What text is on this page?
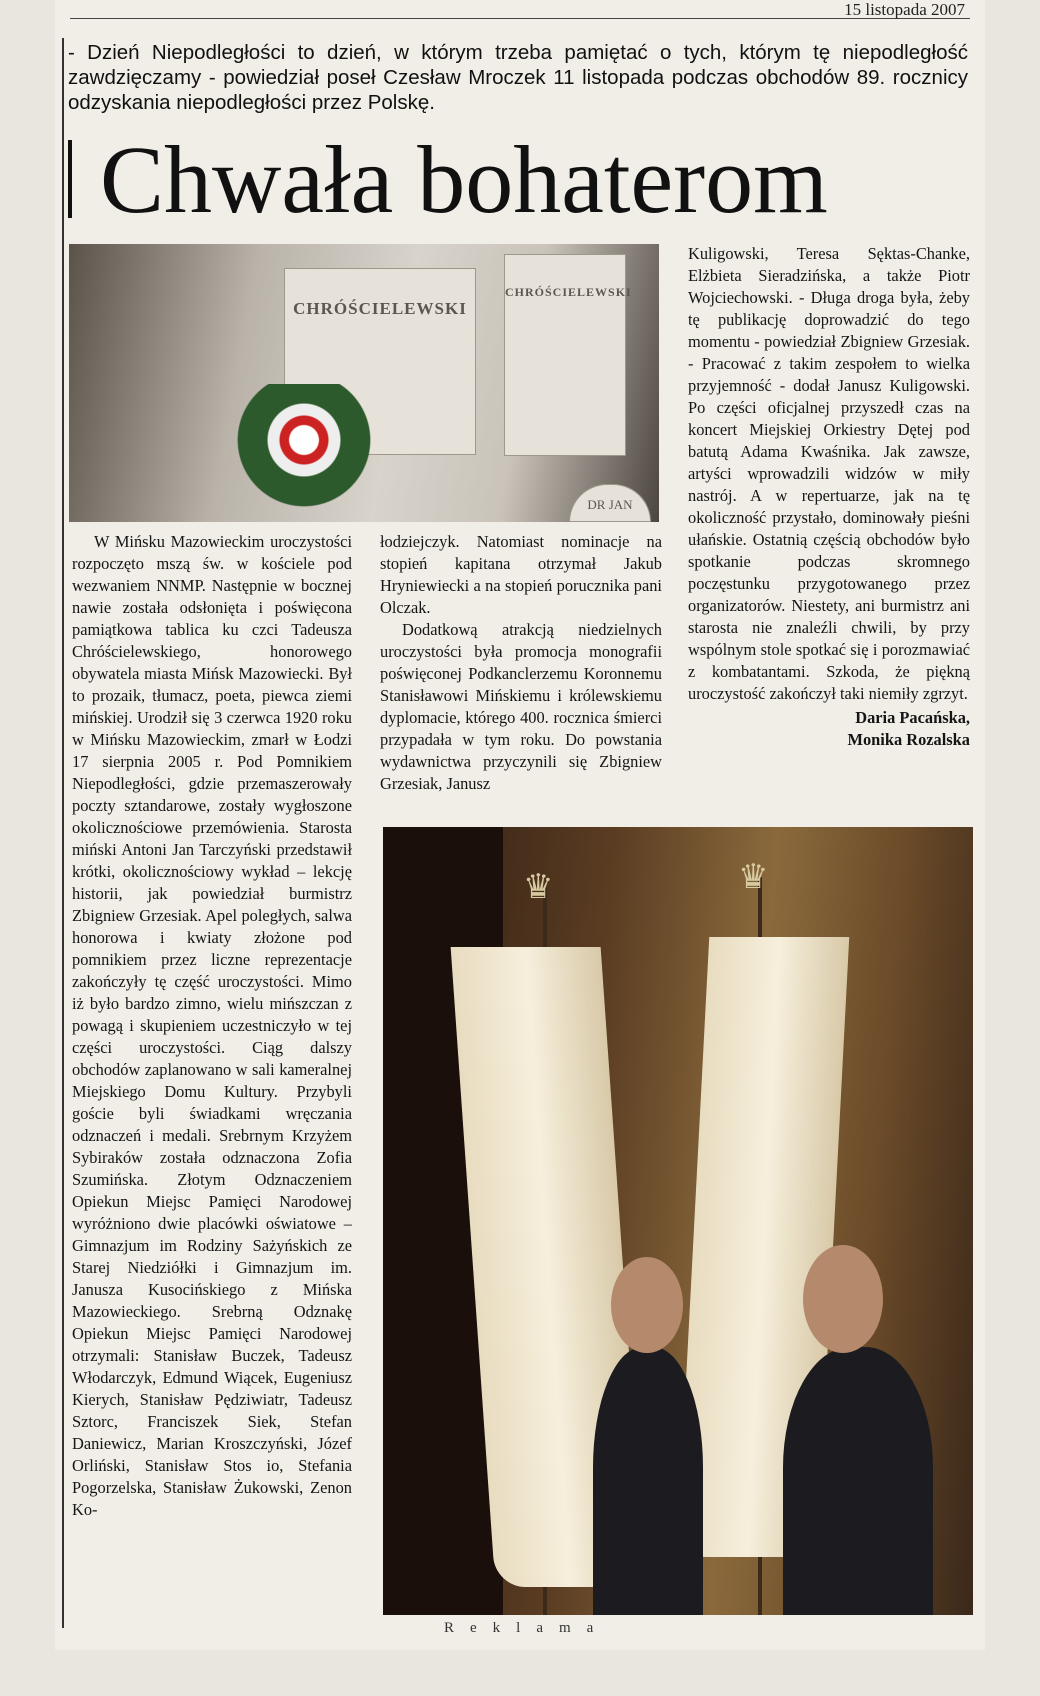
15 listopada 2007
- Dzień Niepodległości to dzień, w którym trzeba pamiętać o tych, którym tę niepodległość zawdzięczamy - powiedział poseł Czesław Mroczek 11 listopada podczas obchodów 89. rocznicy odzyskania niepodległości przez Polskę.
Chwała bohaterom
CHRÓŚCIELEWSKI
CHRÓŚCIELEWSKI
DR JAN

W Mińsku Mazowieckim uroczystości rozpoczęto mszą św. w kościele pod wezwaniem NNMP. Następnie w bocznej nawie została odsłonięta i poświęcona pamiątkowa tablica ku czci Tadeusza Chróścielewskiego, honorowego obywatela miasta Mińsk Mazowiecki. Był to prozaik, tłumacz, poeta, piewca ziemi mińskiej. Urodził się 3 czerwca 1920 roku w Mińsku Mazowieckim, zmarł w Łodzi 17 sierpnia 2005 r. Pod Pomnikiem Niepodległości, gdzie przemaszerowały poczty sztandarowe, zostały wygłoszone okolicznościowe przemówienia. Starosta miński Antoni Jan Tarczyński przedstawił krótki, okolicznościowy wykład – lekcję historii, jak powiedział burmistrz Zbigniew Grzesiak. Apel poległych, salwa honorowa i kwiaty złożone pod pomnikiem przez liczne reprezentacje zakończyły tę część uroczystości. Mimo iż było bardzo zimno, wielu mińszczan z powagą i skupieniem uczestniczyło w tej części uroczystości. Ciąg dalszy obchodów zaplanowano w sali kameralnej Miejskiego Domu Kultury. Przybyli goście byli świadkami wręczania odznaczeń i medali. Srebrnym Krzyżem Sybiraków została odznaczona Zofia Szumińska. Złotym Odznaczeniem Opiekun Miejsc Pamięci Narodowej wyróżniono dwie placówki oświatowe – Gimnazjum im Rodziny Sażyńskich ze Starej Niedziółki i Gimnazjum im. Janusza Kusocińskiego z Mińska Mazowieckiego. Srebrną Odznakę Opiekun Miejsc Pamięci Narodowej otrzymali: Stanisław Buczek, Tadeusz Włodarczyk, Edmund Wiącek, Eugeniusz Kierych, Stanisław Pędziwiatr, Tadeusz Sztorc, Franciszek Siek, Stefan Daniewicz, Marian Kroszczyński, Józef Orliński, Stanisław Stos io, Stefania Pogorzelska, Stanisław Żukowski, Zenon Ko-

łodziejczyk. Natomiast nominacje na stopień kapitana otrzymał Jakub Hryniewiecki a na stopień porucznika pani Olczak.

Dodatkową atrakcją niedzielnych uroczystości była promocja monografii poświęconej Podkanclerzemu Koronnemu Stanisławowi Mińskiemu i królewskiemu dyplomacie, którego 400. rocznica śmierci przypadała w tym roku. Do powstania wydawnictwa przyczynili się Zbigniew Grzesiak, Janusz

Kuligowski, Teresa Sęktas-Chanke, Elżbieta Sieradzińska, a także Piotr Wojciechowski. - Długa droga była, żeby tę publikację doprowadzić do tego momentu - powiedział Zbigniew Grzesiak. - Pracować z takim zespołem to wielka przyjemność - dodał Janusz Kuligowski. Po części oficjalnej przyszedł czas na koncert Miejskiej Orkiestry Dętej pod batutą Adama Kwaśnika. Jak zawsze, artyści wprowadzili widzów w miły nastrój. A w repertuarze, jak na tę okoliczność przystało, dominowały pieśni ułańskie. Ostatnią częścią obchodów było spotkanie podczas skromnego poczęstunku przygotowanego przez organizatorów. Niestety, ani burmistrz ani starosta nie znaleźli chwili, by przy wspólnym stole spotkać się i porozmawiać z kombatantami. Szkoda, że piękną uroczystość zakończył taki niemiły zgrzyt.

Daria Pacańska,
Monika Rozalska
♛	♛
Reklama
